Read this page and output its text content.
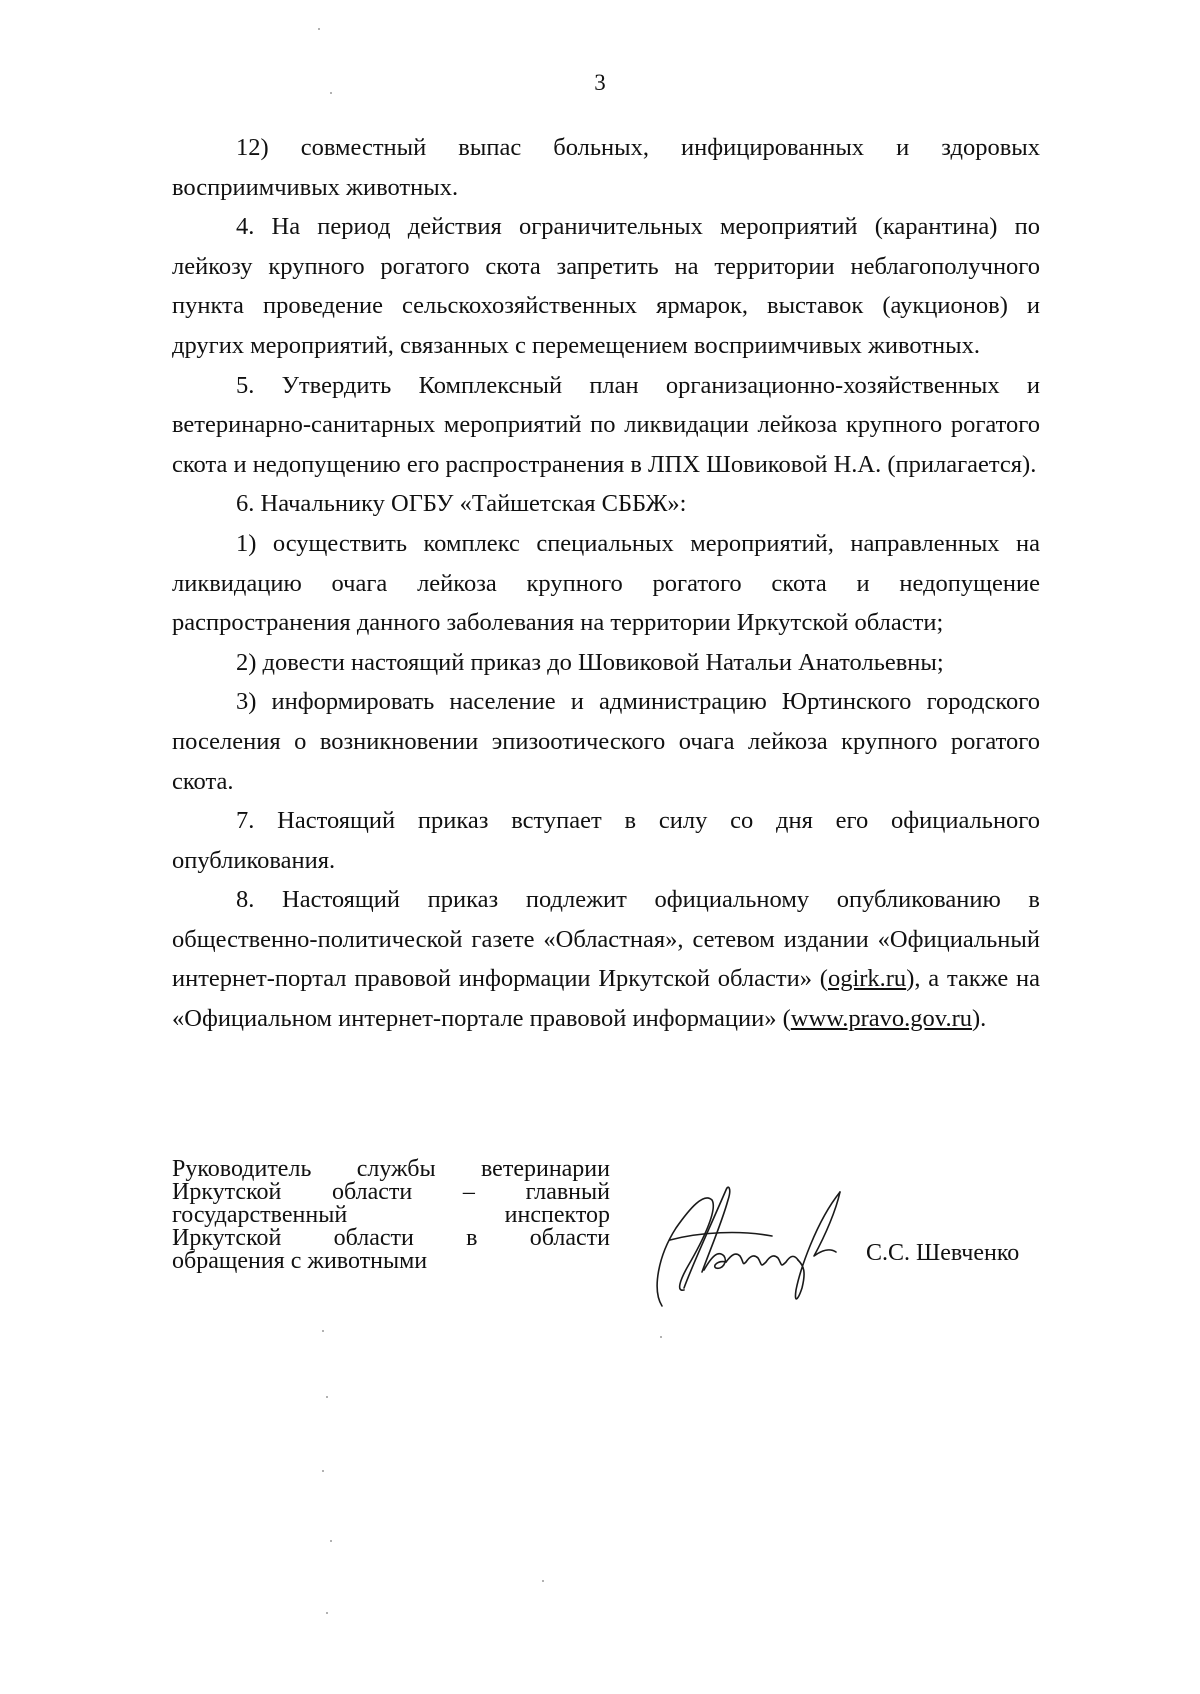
3

12) совместный выпас больных, инфицированных и здоровых восприимчивых животных.

4. На период действия ограничительных мероприятий (карантина) по лейкозу крупного рогатого скота запретить на территории неблагополучного пункта проведение сельскохозяйственных ярмарок, выставок (аукционов) и других мероприятий, связанных с перемещением восприимчивых животных.

5. Утвердить Комплексный план организационно-хозяйственных и ветеринарно-санитарных мероприятий по ликвидации лейкоза крупного рогатого скота и недопущению его распространения в ЛПХ Шовиковой Н.А. (прилагается).

6. Начальнику ОГБУ «Тайшетская СББЖ»:

1) осуществить комплекс специальных мероприятий, направленных на ликвидацию очага лейкоза крупного рогатого скота и недопущение распространения данного заболевания на территории Иркутской области;

2) довести настоящий приказ до Шовиковой Натальи Анатольевны;

3) информировать население и администрацию Юртинского городского поселения о возникновении эпизоотического очага лейкоза крупного рогатого скота.

7. Настоящий приказ вступает в силу со дня его официального опубликования.

8. Настоящий приказ подлежит официальному опубликованию в общественно-политической газете «Областная», сетевом издании «Официальный интернет-портал правовой информации Иркутской области» (ogirk.ru), а также на «Официальном интернет-портале правовой информации» (www.pravo.gov.ru).

Руководитель службы ветеринарии
Иркутской области – главный
государственный инспектор
Иркутской области в области
обращения с животными	С.С. Шевченко
